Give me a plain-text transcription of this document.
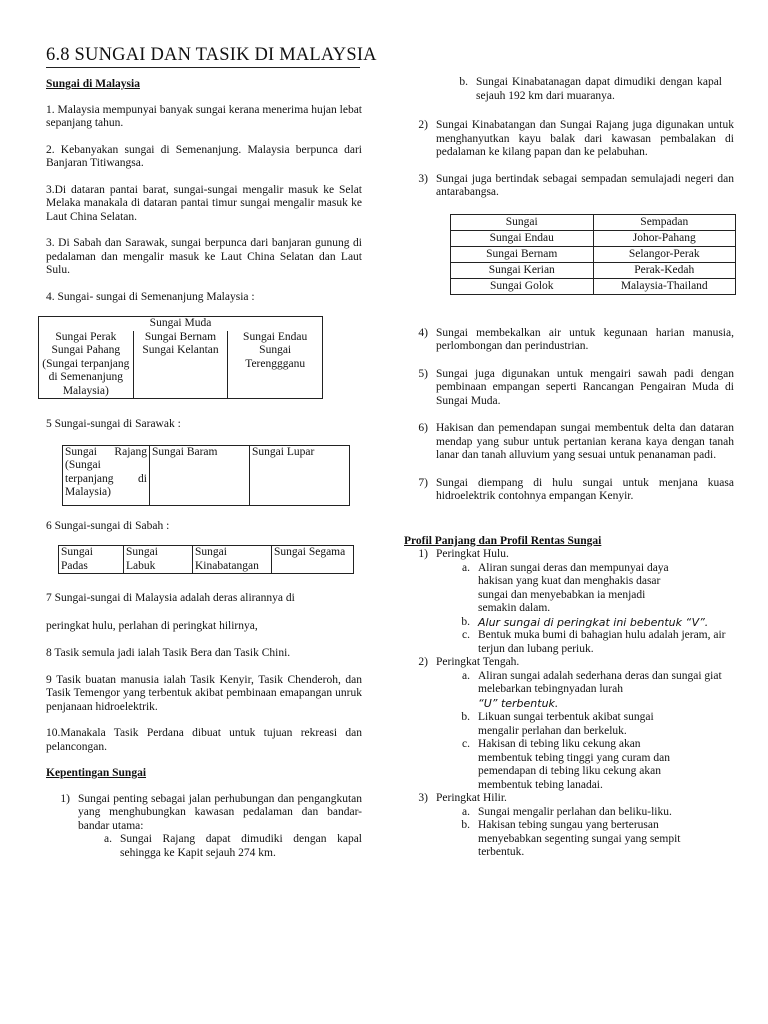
6.8 SUNGAI DAN TASIK DI MALAYSIA
Sungai di Malaysia

1. Malaysia mempunyai banyak sungai kerana menerima hujan lebat sepanjang tahun.

2. Kebanyakan sungai di Semenanjung. Malaysia berpunca dari Banjaran Titiwangsa.

3.Di dataran pantai barat, sungai-sungai mengalir masuk ke Selat Melaka manakala di dataran pantai timur sungai mengalir masuk ke Laut China Selatan.

3. Di Sabah dan Sarawak, sungai berpunca dari banjaran gunung di pedalaman dan mengalir masuk ke Laut China Selatan dan Laut Sulu.

4. Sungai- sungai di Semenanjung Malaysia :

Sungai Muda		
Sungai Perak	Sungai Bernam	Sungai Endau
Sungai Pahang (Sungai terpanjang di Semenanjung Malaysia)	Sungai Kelantan	Sungai Terenggganu

5 Sungai-sungai di Sarawak :

Sungai Rajang (Sungai terpanjang di Malaysia)	Sungai Baram	Sungai Lupar

6 Sungai-sungai di Sabah :

Sungai Padas	Sungai Labuk	Sungai Kinabatangan	Sungai Segama

7 Sungai-sungai di Malaysia adalah deras alirannya di

peringkat hulu, perlahan di peringkat hilirnya,

8 Tasik semula jadi ialah Tasik Bera dan Tasik Chini.

9 Tasik buatan manusia ialah Tasik Kenyir, Tasik Chenderoh, dan Tasik Temengor yang terbentuk akibat pembinaan emapangan unruk penjanaan hidroelektrik.

10.Manakala Tasik Perdana dibuat untuk tujuan rekreasi dan pelancongan.

Kepentingan Sungai
1) Sungai penting sebagai jalan perhubungan dan pengangkutan yang menghubungkan kawasan pedalaman dan bandar-bandar utama:
a. Sungai Rajang dapat dimudiki dengan kapal sehingga ke Kapit sejauh 274 km.
b. Sungai Kinabatanagan dapat dimudiki dengan kapal sejauh 192 km dari muaranya.
2) Sungai Kinabatangan dan Sungai Rajang juga digunakan untuk menghanyutkan kayu balak dari kawasan pembalakan di pedalaman ke kilang papan dan ke pelabuhan.
3) Sungai juga bertindak sebagai sempadan semulajadi negeri dan antarabangsa.
Sungai	Sempadan
Sungai Endau	Johor-Pahang
Sungai Bernam	Selangor-Perak
Sungai Kerian	Perak-Kedah
Sungai Golok	Malaysia-Thailand
4) Sungai membekalkan air untuk kegunaan harian manusia, perlombongan dan perindustrian.
5) Sungai juga digunakan untuk mengairi sawah padi dengan pembinaan empangan seperti Rancangan Pengairan Muda di Sungai Muda.
6) Hakisan dan pemendapan sungai membentuk delta dan dataran mendap yang subur untuk pertanian kerana kaya dengan tanah lanar dan tanah alluvium yang sesuai untuk penanaman padi.
7) Sungai diempang di hulu sungai untuk menjana kuasa hidroelektrik contohnya empangan Kenyir.
Profil Panjang dan Profil Rentas Sungai
1) Peringkat Hulu.
a. Aliran sungai deras dan mempunyai daya hakisan yang kuat dan menghakis dasar sungai dan menyebabkan ia menjadi semakin dalam.
b. Alur sungai di peringkat ini bebentuk “V”.
c. Bentuk muka bumi di bahagian hulu adalah jeram, air terjun dan lubang periuk.
2) Peringkat Tengah.
a. Aliran sungai adalah sederhana deras dan sungai giat melebarkan tebingnyadan lurah
“U” terbentuk.
b. Likuan sungai terbentuk akibat sungai mengalir perlahan dan berkeluk.
c. Hakisan di tebing liku cekung akan membentuk tebing tinggi yang curam dan pemendapan di tebing liku cekung akan membentuk tebing lanadai.
3) Peringkat Hilir.
a. Sungai mengalir perlahan dan beliku-liku.
b. Hakisan tebing sungau yang berterusan menyebabkan segenting sungai yang sempit terbentuk.
